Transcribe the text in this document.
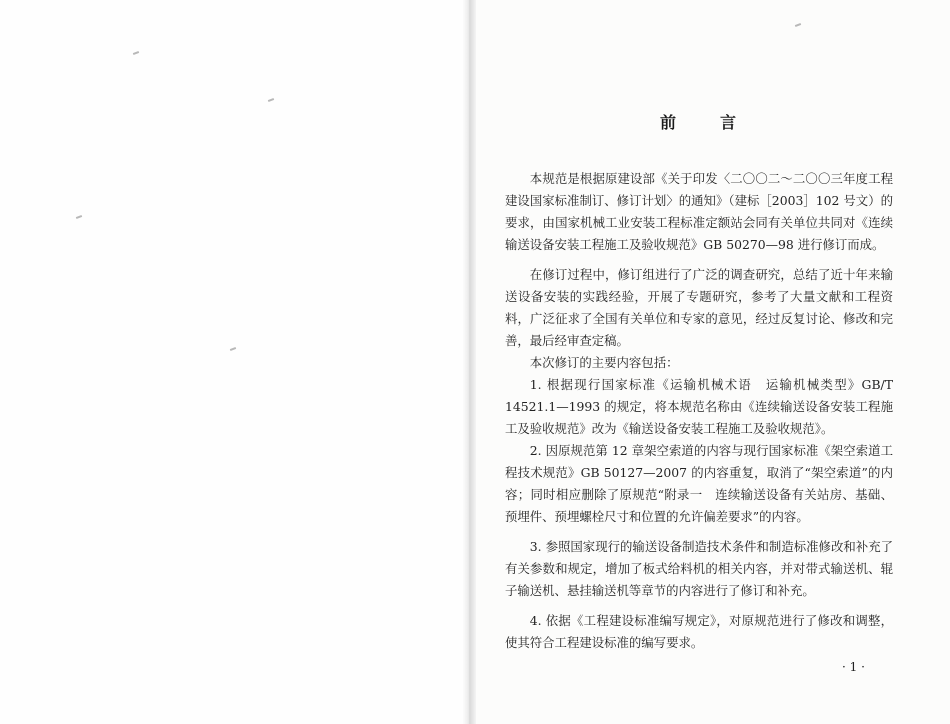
前　言

本规范是根据原建设部《关于印发〈二〇〇二～二〇〇三年度工程建设国家标准制订、修订计划〉的通知》（建标［2003］102 号文）的要求，由国家机械工业安装工程标准定额站会同有关单位共同对《连续输送设备安装工程施工及验收规范》GB 50270—98 进行修订而成。

在修订过程中，修订组进行了广泛的调查研究，总结了近十年来输送设备安装的实践经验，开展了专题研究，参考了大量文献和工程资料，广泛征求了全国有关单位和专家的意见，经过反复讨论、修改和完善，最后经审查定稿。

本次修订的主要内容包括：

1. 根据现行国家标准《运输机械术语　运输机械类型》GB/T 14521.1—1993 的规定，将本规范名称由《连续输送设备安装工程施工及验收规范》改为《输送设备安装工程施工及验收规范》。

2. 因原规范第 12 章架空索道的内容与现行国家标准《架空索道工程技术规范》GB 50127—2007 的内容重复，取消了“架空索道”的内容；同时相应删除了原规范“附录一　连续输送设备有关站房、基础、预埋件、预埋螺栓尺寸和位置的允许偏差要求”的内容。

3. 参照国家现行的输送设备制造技术条件和制造标准修改和补充了有关参数和规定，增加了板式给料机的相关内容，并对带式输送机、辊子输送机、悬挂输送机等章节的内容进行了修订和补充。

4. 依据《工程建设标准编写规定》，对原规范进行了修改和调整，使其符合工程建设标准的编写要求。

· 1 ·
